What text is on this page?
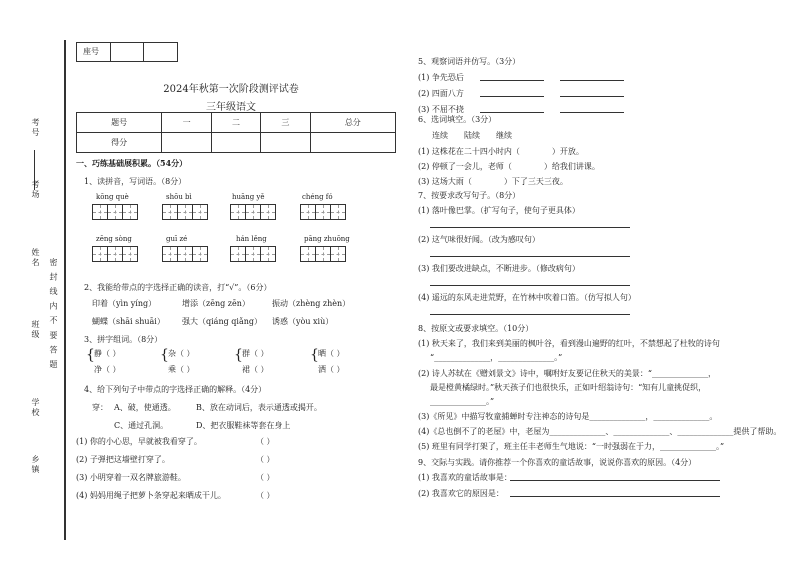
座号
密 封 线 内 不 要 答 题
考号
考场
姓名
班级
学校
乡镇
2024年秋第一次阶段测评试卷
三年级语文
题号	一	二	三	总分
得分				
一、巧练基础展积累。（54分）
1、读拼音，写词语。（8分）
kōng què	shōu bì	huāng yě	chéng fó
zēng sòng	guī zé	hán lěng	pāng zhuōng
2、我能给带点的字选择正确的读音，打“√”。（6分）
印着（yìn yíng）	增添（zēng zēn）	振动（zhèng zhèn）
蝴蝶（shāi shuāi） 强大（qiáng qiǎng） 诱惑（yòu xiù）
3、拼字组词。（8分）
{ 静（ ）
净（ ）
{ 杂（ ）
乘（ ）
{ 群（ ）
裙（ ）
{ 晒（ ）
洒（ ）
4、给下列句子中带点的字选择正确的解释。（4分）
穿： A、破，使通透。	B、放在动词后，表示通透或揭开。
C、通过孔洞。	D、把衣服鞋袜等套在身上
(1) 你的小心思，早就被我看穿了。	（ ）
(2) 子弹把这墙壁打穿了。	（ ）
(3) 小明穿着一双名牌旅游鞋。	（ ）
(4) 妈妈用绳子把萝卜条穿起来晒成干儿。	（ ）
5、观察词语并仿写。（3分）
(1) 争先恐后
(2) 四面八方
(3) 不屈不挠
6、选词填空。（3分）
连续　　陆续　　继续
(1) 这株花在二十四小时内（　　　　）开放。
(2) 停顿了一会儿，老师（　　　　）给我们讲课。
(3) 这场大雨（　　　　）下了三天三夜。
7、按要求改写句子。（8分）
(1) 落叶像巴掌。（扩写句子，使句子更具体）
(2) 这气味很好闻。（改为感叹句）
(3) 我们要改进缺点，不断进步。（修改病句）
(4) 遥远的东风走进荒野，在竹林中吹着口笛。（仿写拟人句）
8、按原文或要求填空。（10分）
(1) 秋天来了，我们来到美丽的枫叶谷，看到漫山遍野的红叶，不禁想起了杜牧的诗句
“______________，______________。”
(2) 诗人苏轼在《赠刘景文》诗中，嘱咐好友要记住秋天的美景：“______________，
最是橙黄橘绿时。”秋天孩子们也很快乐，正如叶绍翁诗句：“知有儿童挑促织，
______________。”
(3)《所见》中描写牧童捕蝉时专注神态的诗句是______________，______________。
(4)《总也倒不了的老屋》中，老屋为______________、______________、______________提供了帮助。
(5) 班里有同学打架了，班主任丰老师生气地说：“一时强弱在于力，______________。”
9、交际与实践。请你推荐一个你喜欢的童话故事，说说你喜欢的原因。（4分）
(1) 我喜欢的童话故事是：
(2) 我喜欢它的原因是：
